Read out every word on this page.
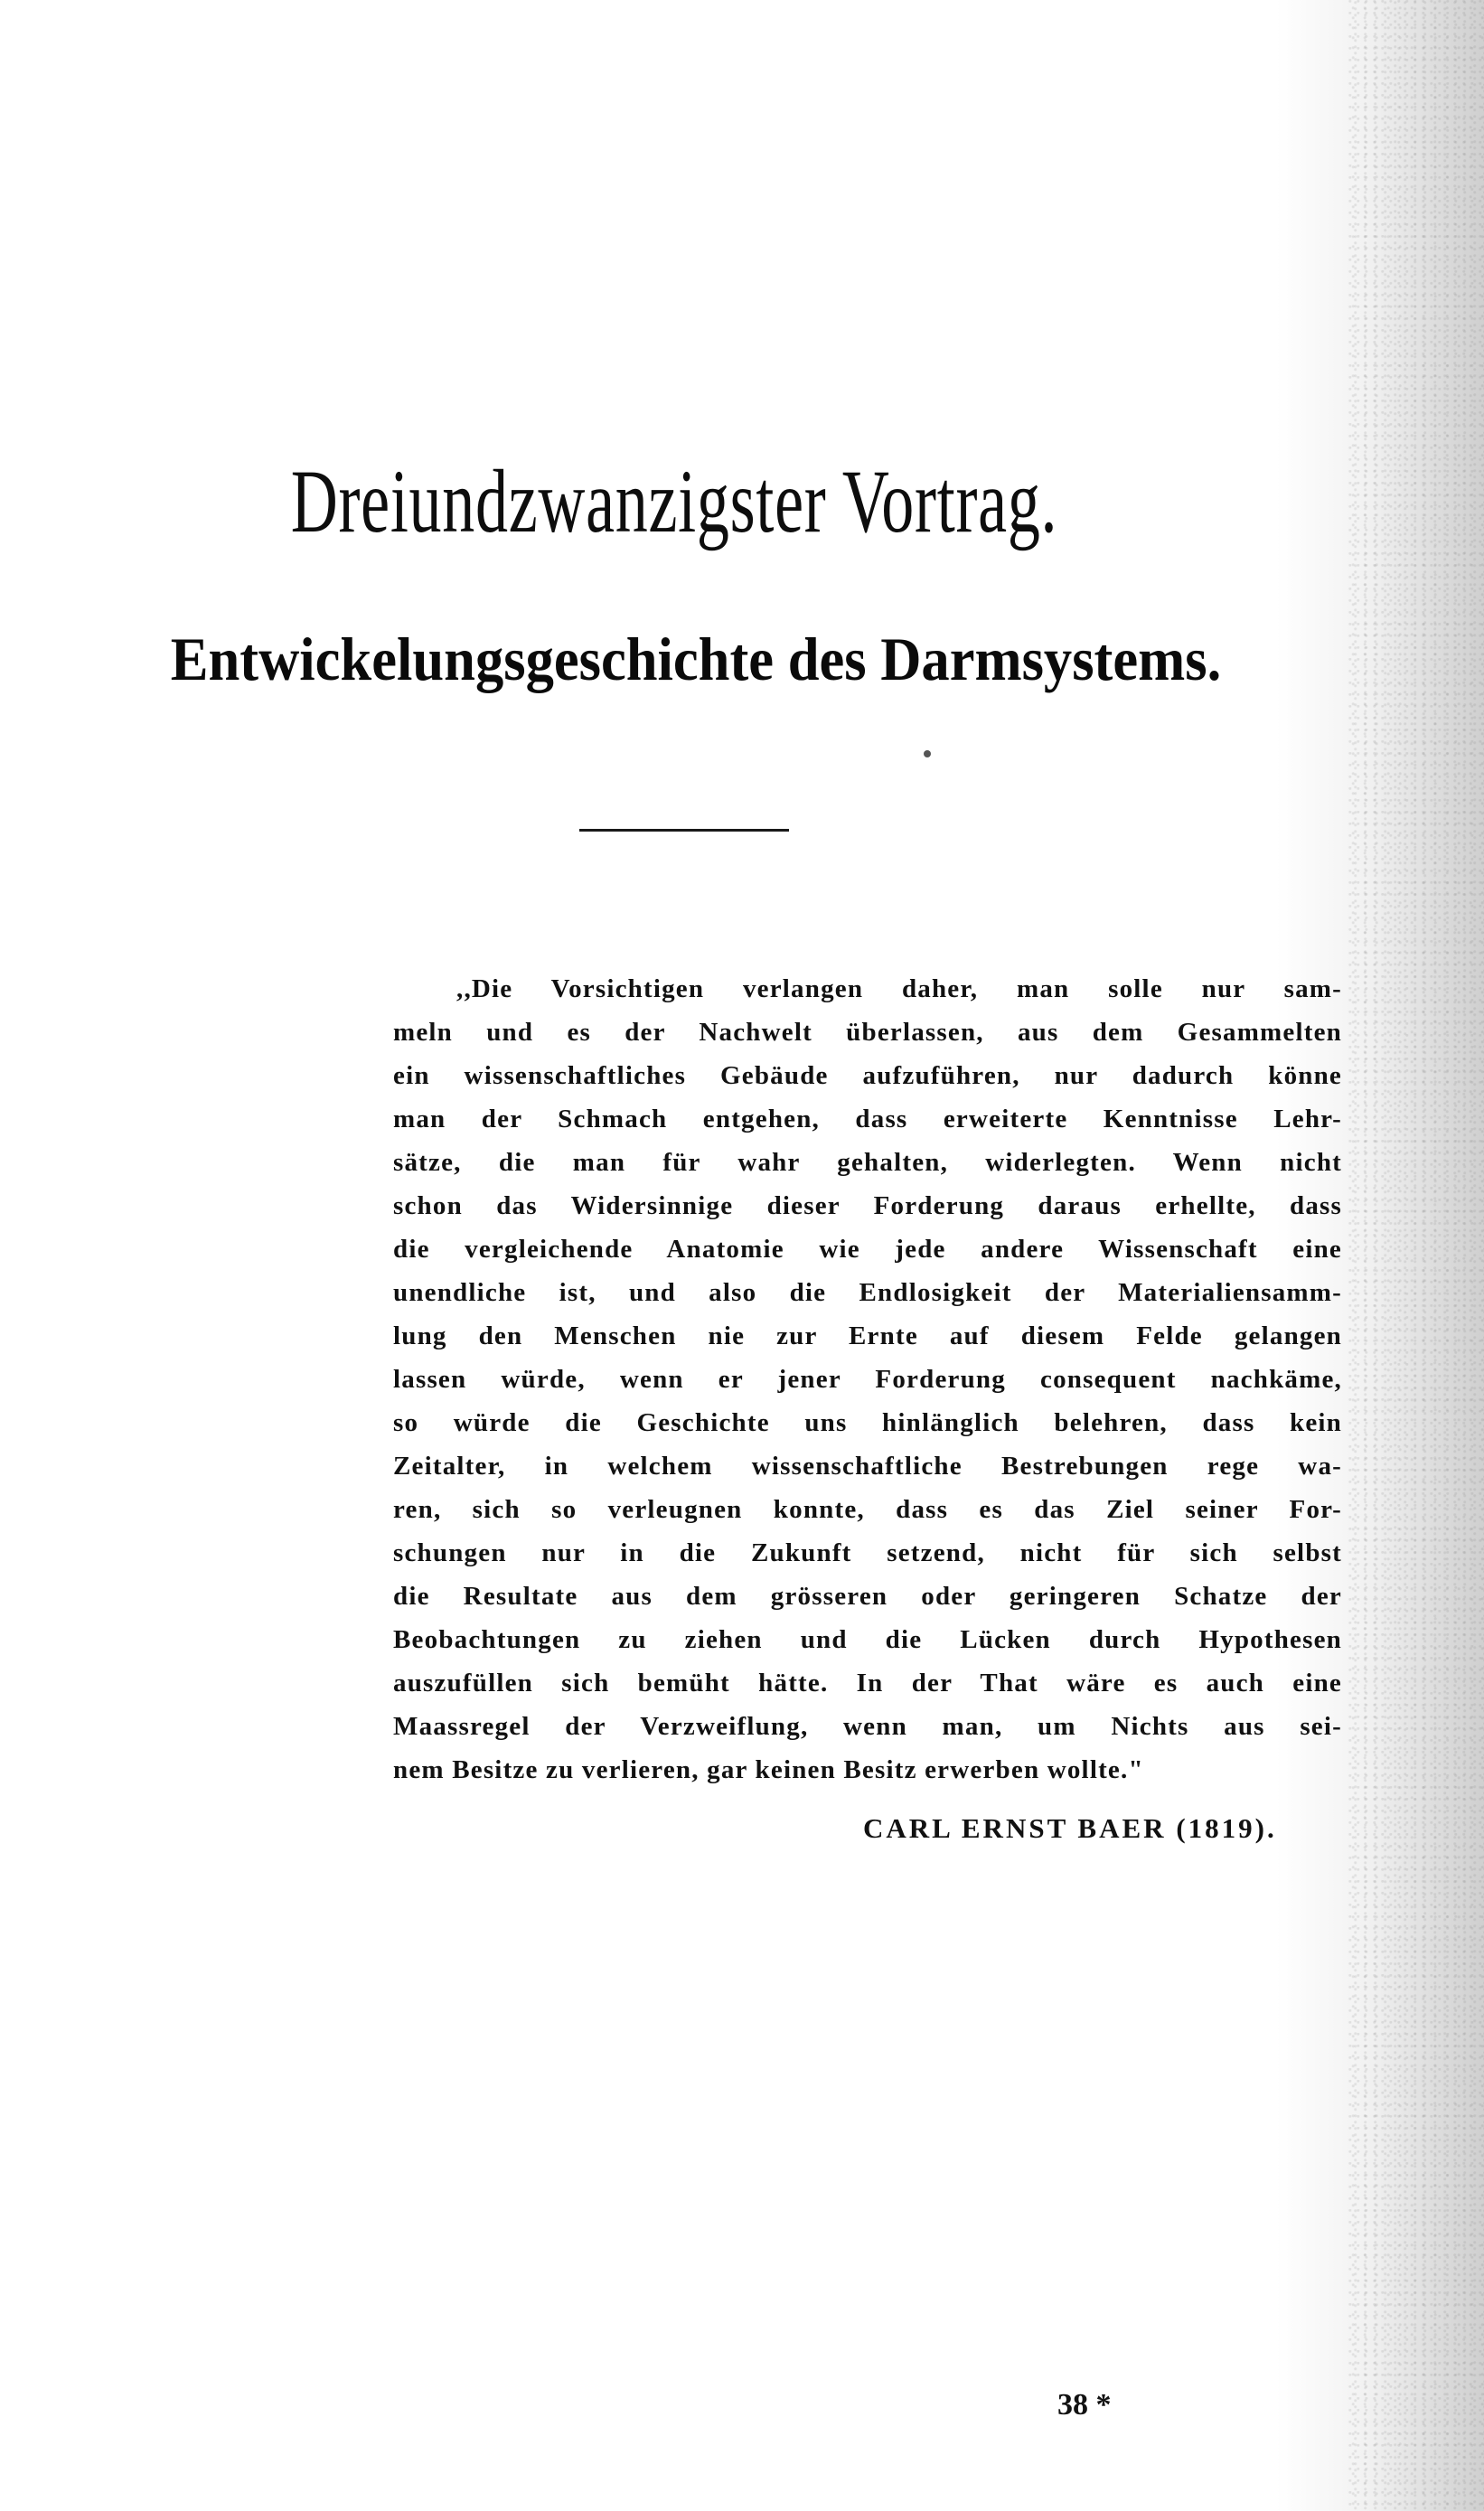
Dreiundzwanzigster Vortrag.
Entwickelungsgeschichte des Darmsystems.
,,Die Vorsichtigen verlangen daher, man solle nur sam-
meln und es der Nachwelt überlassen, aus dem Gesammelten
ein wissenschaftliches Gebäude aufzuführen, nur dadurch könne
man der Schmach entgehen, dass erweiterte Kenntnisse Lehr-
sätze, die man für wahr gehalten, widerlegten. Wenn nicht
schon das Widersinnige dieser Forderung daraus erhellte, dass
die vergleichende Anatomie wie jede andere Wissenschaft eine
unendliche ist, und also die Endlosigkeit der Materialiensamm-
lung den Menschen nie zur Ernte auf diesem Felde gelangen
lassen würde, wenn er jener Forderung consequent nachkäme,
so würde die Geschichte uns hinlänglich belehren, dass kein
Zeitalter, in welchem wissenschaftliche Bestrebungen rege wa-
ren, sich so verleugnen konnte, dass es das Ziel seiner For-
schungen nur in die Zukunft setzend, nicht für sich selbst
die Resultate aus dem grösseren oder geringeren Schatze der
Beobachtungen zu ziehen und die Lücken durch Hypothesen
auszufüllen sich bemüht hätte. In der That wäre es auch eine
Maassregel der Verzweiflung, wenn man, um Nichts aus sei-
nem Besitze zu verlieren, gar keinen Besitz erwerben wollte."
CARL ERNST BAER (1819).
38 *
